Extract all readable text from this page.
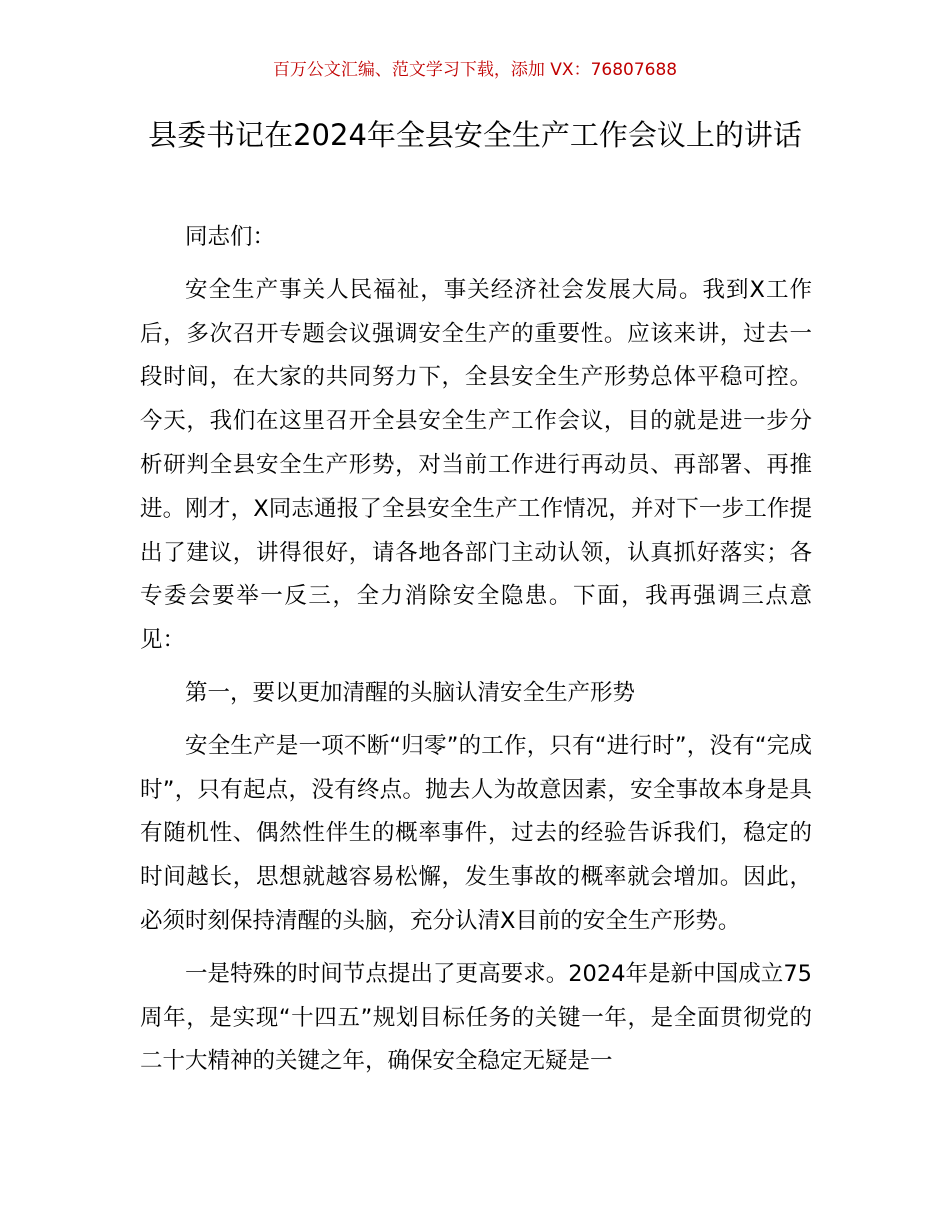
百万公文汇编、范文学习下载，添加 VX：76807688
县委书记在2024年全县安全生产工作会议上的讲话

同志们：

安全生产事关人民福祉，事关经济社会发展大局。我到X工作后，多次召开专题会议强调安全生产的重要性。应该来讲，过去一段时间，在大家的共同努力下，全县安全生产形势总体平稳可控。今天，我们在这里召开全县安全生产工作会议，目的就是进一步分析研判全县安全生产形势，对当前工作进行再动员、再部署、再推进。刚才，X同志通报了全县安全生产工作情况，并对下一步工作提出了建议，讲得很好，请各地各部门主动认领，认真抓好落实；各专委会要举一反三，全力消除安全隐患。下面，我再强调三点意见：

第一，要以更加清醒的头脑认清安全生产形势

安全生产是一项不断“归零”的工作，只有“进行时”，没有“完成时”，只有起点，没有终点。抛去人为故意因素，安全事故本身是具有随机性、偶然性伴生的概率事件，过去的经验告诉我们，稳定的时间越长，思想就越容易松懈，发生事故的概率就会增加。因此，必须时刻保持清醒的头脑，充分认清X目前的安全生产形势。

一是特殊的时间节点提出了更高要求。2024年是新中国成立75周年，是实现“十四五”规划目标任务的关键一年，是全面贯彻党的二十大精神的关键之年，确保安全稳定无疑是一
